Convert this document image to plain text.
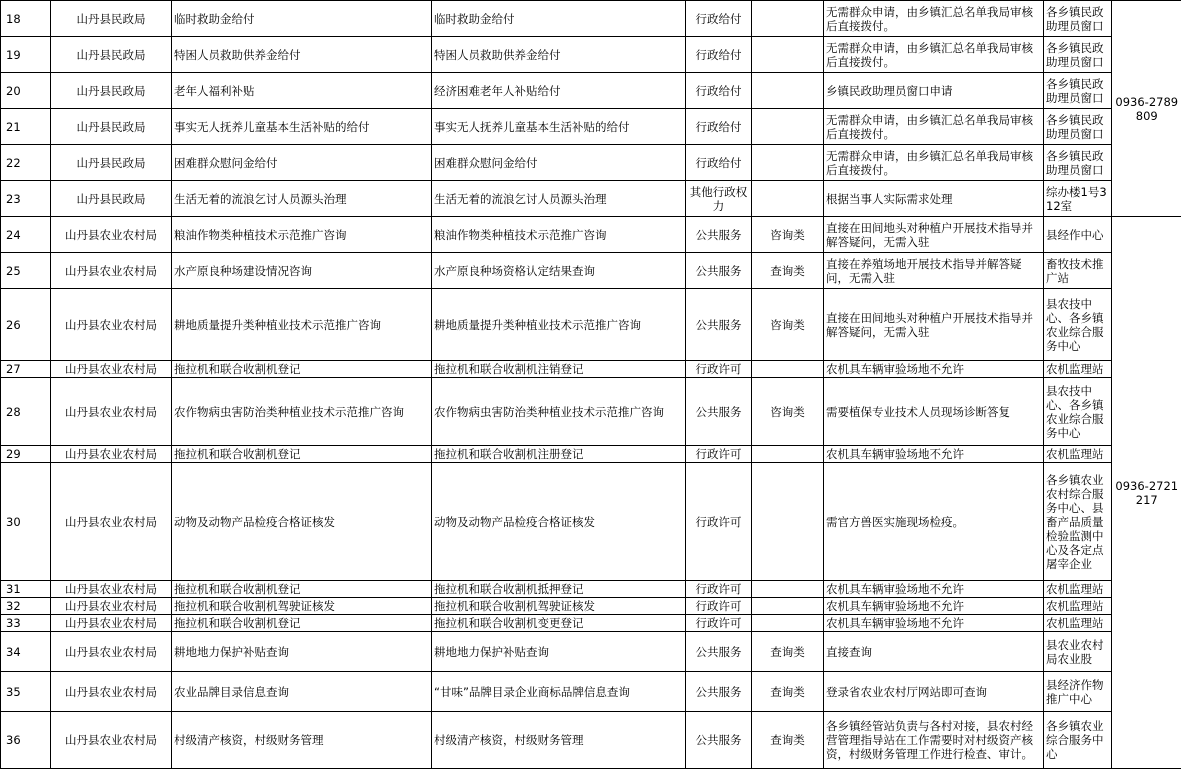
18	山丹县民政局	临时救助金给付	临时救助金给付	行政给付		无需群众申请，由乡镇汇总名单我局审核后直接拨付。	各乡镇民政助理员窗口	0936-2789809
19	山丹县民政局	特困人员救助供养金给付	特困人员救助供养金给付	行政给付		无需群众申请，由乡镇汇总名单我局审核后直接拨付。	各乡镇民政助理员窗口	
20	山丹县民政局	老年人福利补贴	经济困难老年人补贴给付	行政给付		乡镇民政助理员窗口申请	各乡镇民政助理员窗口	
21	山丹县民政局	事实无人抚养儿童基本生活补贴的给付	事实无人抚养儿童基本生活补贴的给付	行政给付		无需群众申请，由乡镇汇总名单我局审核后直接拨付。	各乡镇民政助理员窗口	
22	山丹县民政局	困难群众慰问金给付	困难群众慰问金给付	行政给付		无需群众申请，由乡镇汇总名单我局审核后直接拨付。	各乡镇民政助理员窗口	
23	山丹县民政局	生活无着的流浪乞讨人员源头治理	生活无着的流浪乞讨人员源头治理	其他行政权力		根据当事人实际需求处理	综办楼1号312室	
24	山丹县农业农村局	粮油作物类种植技术示范推广咨询	粮油作物类种植技术示范推广咨询	公共服务	咨询类	直接在田间地头对种植户开展技术指导并解答疑问，无需入驻	县经作中心	0936-2721217
25	山丹县农业农村局	水产原良种场建设情况咨询	水产原良种场资格认定结果查询	公共服务	查询类	直接在养殖场地开展技术指导并解答疑问，无需入驻	畜牧技术推广站	
26	山丹县农业农村局	耕地质量提升类种植业技术示范推广咨询	耕地质量提升类种植业技术示范推广咨询	公共服务	咨询类	直接在田间地头对种植户开展技术指导并解答疑问，无需入驻	县农技中心、各乡镇农业综合服务中心	
27	山丹县农业农村局	拖拉机和联合收割机登记	拖拉机和联合收割机注销登记	行政许可		农机具车辆审验场地不允许	农机监理站	
28	山丹县农业农村局	农作物病虫害防治类种植业技术示范推广咨询	农作物病虫害防治类种植业技术示范推广咨询	公共服务	咨询类	需要植保专业技术人员现场诊断答复	县农技中心、各乡镇农业综合服务中心	
29	山丹县农业农村局	拖拉机和联合收割机登记	拖拉机和联合收割机注册登记	行政许可		农机具车辆审验场地不允许	农机监理站	
30	山丹县农业农村局	动物及动物产品检疫合格证核发	动物及动物产品检疫合格证核发	行政许可		需官方兽医实施现场检疫。	各乡镇农业农村综合服务中心、县畜产品质量检验监测中心及各定点屠宰企业	
31	山丹县农业农村局	拖拉机和联合收割机登记	拖拉机和联合收割机抵押登记	行政许可		农机具车辆审验场地不允许	农机监理站	
32	山丹县农业农村局	拖拉机和联合收割机驾驶证核发	拖拉机和联合收割机驾驶证核发	行政许可		农机具车辆审验场地不允许	农机监理站	
33	山丹县农业农村局	拖拉机和联合收割机登记	拖拉机和联合收割机变更登记	行政许可		农机具车辆审验场地不允许	农机监理站	
34	山丹县农业农村局	耕地地力保护补贴查询	耕地地力保护补贴查询	公共服务	查询类	直接查询	县农业农村局农业股	
35	山丹县农业农村局	农业品牌目录信息查询	“甘味”品牌目录企业商标品牌信息查询	公共服务	查询类	登录省农业农村厅网站即可查询	县经济作物推广中心	
36	山丹县农业农村局	村级清产核资，村级财务管理	村级清产核资，村级财务管理	公共服务	查询类	各乡镇经管站负责与各村对接，县农村经营管理指导站在工作需要时对村级资产核资，村级财务管理工作进行检查、审计。	各乡镇农业综合服务中心	
